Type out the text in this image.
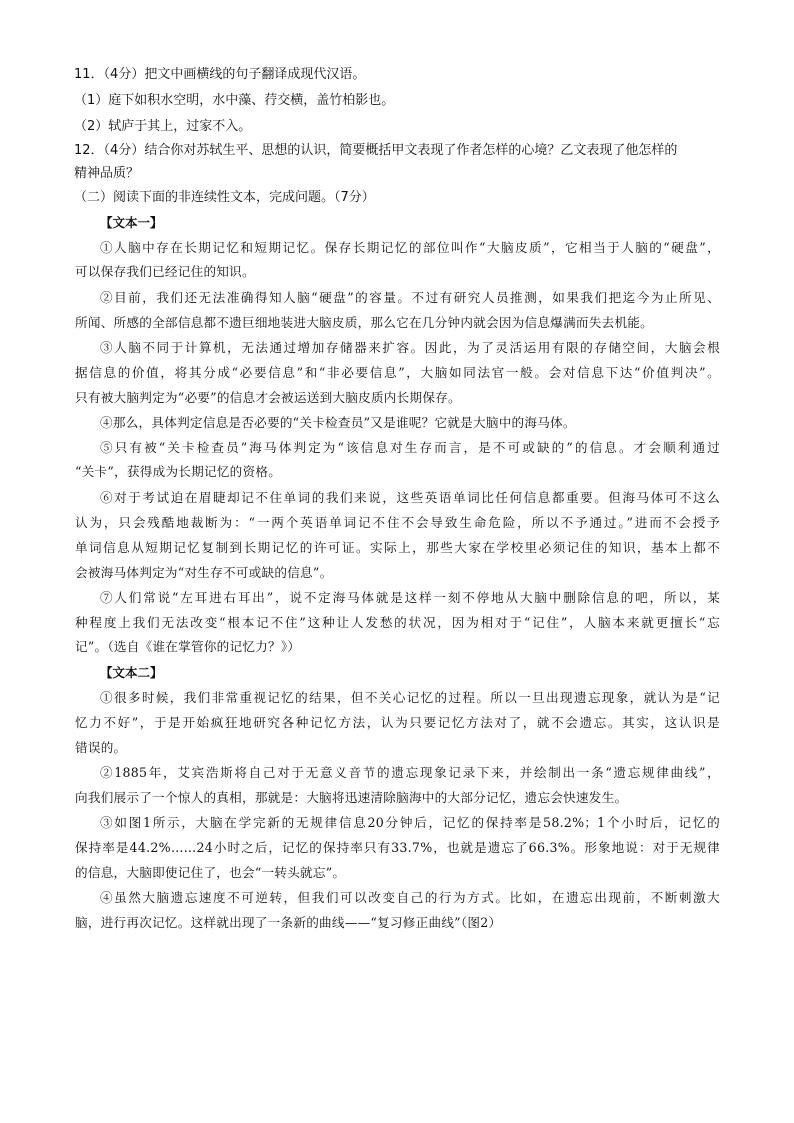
11．（4分）把文中画横线的句子翻译成现代汉语。
（1）庭下如积水空明，水中藻、荇交横，盖竹柏影也。
（2）轼庐于其上，过家不入。
12．（4分）结合你对苏轼生平、思想的认识，简要概括甲文表现了作者怎样的心境？乙文表现了他怎样的
精神品质？
（二）阅读下面的非连续性文本，完成问题。（7分）
【文本一】
①人脑中存在长期记忆和短期记忆。保存长期记忆的部位叫作“大脑皮质”，它相当于人脑的“硬盘”，
可以保存我们已经记住的知识。
②目前，我们还无法准确得知人脑“硬盘”的容量。不过有研究人员推测，如果我们把迄今为止所见、
所闻、所感的全部信息都不遗巨细地装进大脑皮质，那么它在几分钟内就会因为信息爆满而失去机能。
③人脑不同于计算机，无法通过增加存储器来扩容。因此，为了灵活运用有限的存储空间，大脑会根
据信息的价值，将其分成“必要信息”和“非必要信息”，大脑如同法官一般。会对信息下达“价值判决”。
只有被大脑判定为“必要”的信息才会被运送到大脑皮质内长期保存。
④那么，具体判定信息是否必要的“关卡检查员”又是谁呢？它就是大脑中的海马体。
⑤只有被“关卡检查员”海马体判定为“该信息对生存而言，是不可或缺的”的信息。才会顺利通过
“关卡”，获得成为长期记忆的资格。
⑥对于考试迫在眉睫却记不住单词的我们来说，这些英语单词比任何信息都重要。但海马体可不这么
认为，只会残酷地裁断为：“一两个英语单词记不住不会导致生命危险，所以不予通过。”进而不会授予
单词信息从短期记忆复制到长期记忆的许可证。实际上，那些大家在学校里必须记住的知识，基本上都不
会被海马体判定为“对生存不可或缺的信息”。
⑦人们常说“左耳进右耳出”，说不定海马体就是这样一刻不停地从大脑中删除信息的吧，所以，某
种程度上我们无法改变“根本记不住”这种让人发愁的状况，因为相对于“记住”，人脑本来就更擅长“忘
记”。（选自《谁在掌管你的记忆力？》）
【文本二】
①很多时候，我们非常重视记忆的结果，但不关心记忆的过程。所以一旦出现遗忘现象，就认为是“记
忆力不好”，于是开始疯狂地研究各种记忆方法，认为只要记忆方法对了，就不会遗忘。其实，这认识是
错误的。
②1885年，艾宾浩斯将自己对于无意义音节的遗忘现象记录下来，并绘制出一条“遗忘规律曲线”，
向我们展示了一个惊人的真相，那就是：大脑将迅速清除脑海中的大部分记忆，遗忘会快速发生。
③如图1所示，大脑在学完新的无规律信息20分钟后，记忆的保持率是58.2%；1个小时后，记忆的
保持率是44.2%……24小时之后，记忆的保持率只有33.7%，也就是遗忘了66.3%。形象地说：对于无规律
的信息，大脑即使记住了，也会“一转头就忘”。
④虽然大脑遗忘速度不可逆转，但我们可以改变自己的行为方式。比如，在遗忘出现前，不断刺激大
脑，进行再次记忆。这样就出现了一条新的曲线——“复习修正曲线”（图2）
